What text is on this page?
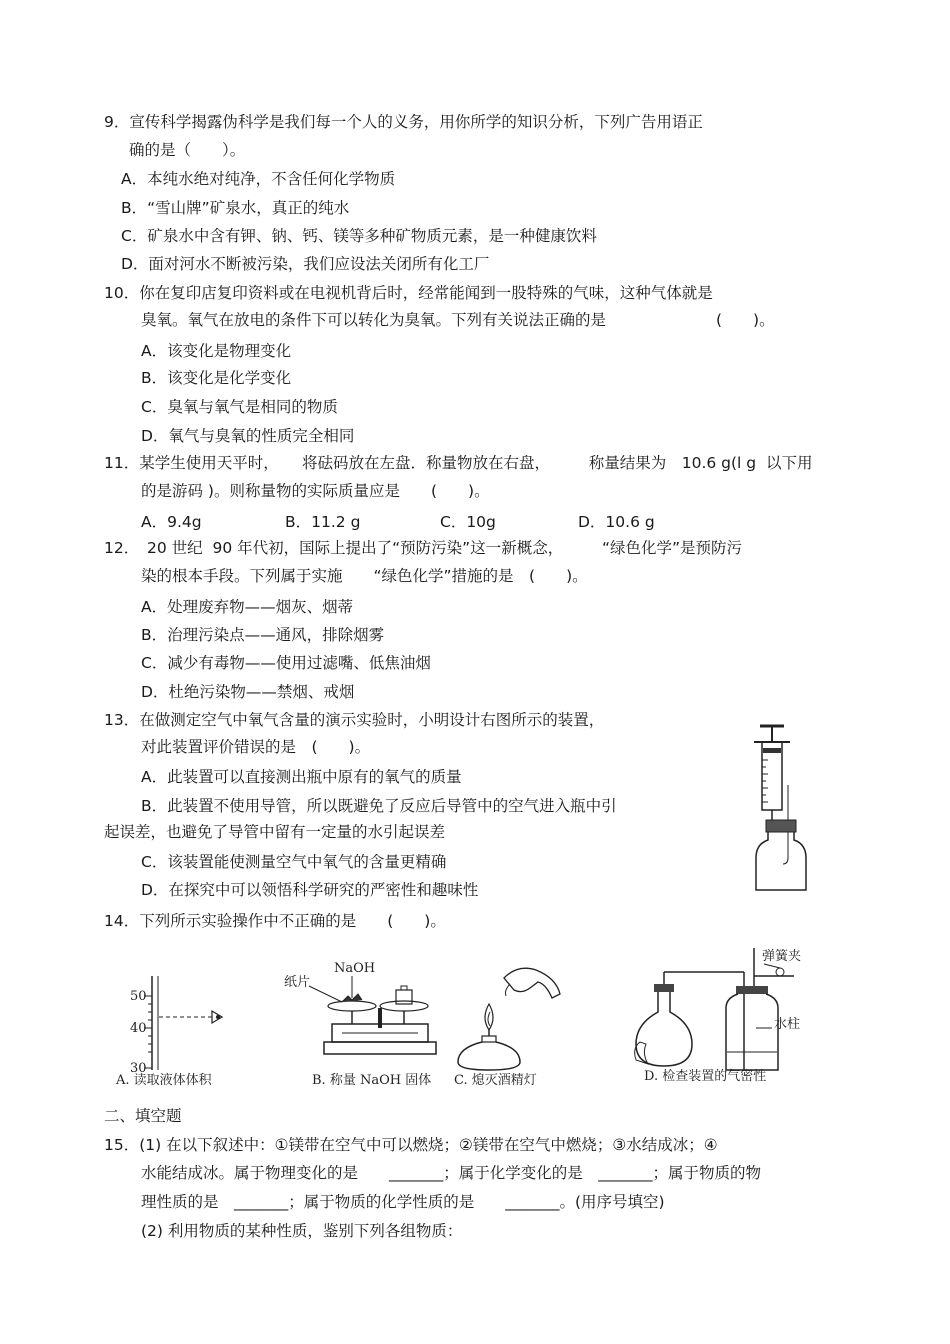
9．宣传科学揭露伪科学是我们每一个人的义务，用你所学的知识分析，下列广告用语正
确的是（　　）。
A．本纯水绝对纯净，不含任何化学物质
B．“雪山牌”矿泉水，真正的纯水
C．矿泉水中含有钾、钠、钙、镁等多种矿物质元素，是一种健康饮料
D．面对河水不断被污染，我们应设法关闭所有化工厂
10．你在复印店复印资料或在电视机背后时，经常能闻到一股特殊的气味，这种气体就是
臭氧。氧气在放电的条件下可以转化为臭氧。下列有关说法正确的是	(　　)。
A．该变化是物理变化
B．该变化是化学变化
C．臭氧与氧气是相同的物质
D．氧气与臭氧的性质完全相同
11．某学生使用天平时，　　将砝码放在左盘．称量物放在右盘，　　　称量结果为　10.6 g(l g  以下用
的是游码 )。则称量物的实际质量应是　　(　　)。
A．9.4g	B．11.2 g	C．10g	D．10.6 g
12．　20 世纪  90 年代初，国际上提出了“预防污染”这一新概念，　　　“绿色化学”是预防污
染的根本手段。下列属于实施　　“绿色化学”措施的是　(　　)。
A．处理废弃物——烟灰、烟蒂
B．治理污染点——通风，排除烟雾
C．减少有毒物——使用过滤嘴、低焦油烟
D．杜绝污染物——禁烟、戒烟
13．在做测定空气中氧气含量的演示实验时，小明设计右图所示的装置，
对此装置评价错误的是　(　　)。
A．此装置可以直接测出瓶中原有的氧气的质量
B．此装置不使用导管，所以既避免了反应后导管中的空气进入瓶中引
起误差，也避免了导管中留有一定量的水引起误差
C．该装置能使测量空气中氧气的含量更精确
D．在探究中可以领悟科学研究的严密性和趣味性
14．下列所示实验操作中不正确的是　　(　　)。
50
40
30
A. 读取液体体积
纸片
NaOH
B. 称量 NaOH 固体 C. 熄灭酒精灯
弹簧夹
水柱
D. 检查装置的气密性
二、填空题
15．(1) 在以下叙述中：①镁带在空气中可以燃烧；②镁带在空气中燃烧；③水结成冰；④
水能结成冰。属于物理变化的是　　_______；属于化学变化的是　_______；属于物质的物
理性质的是　_______；属于物质的化学性质的是　　_______。(用序号填空)
(2) 利用物质的某种性质，鉴别下列各组物质：
